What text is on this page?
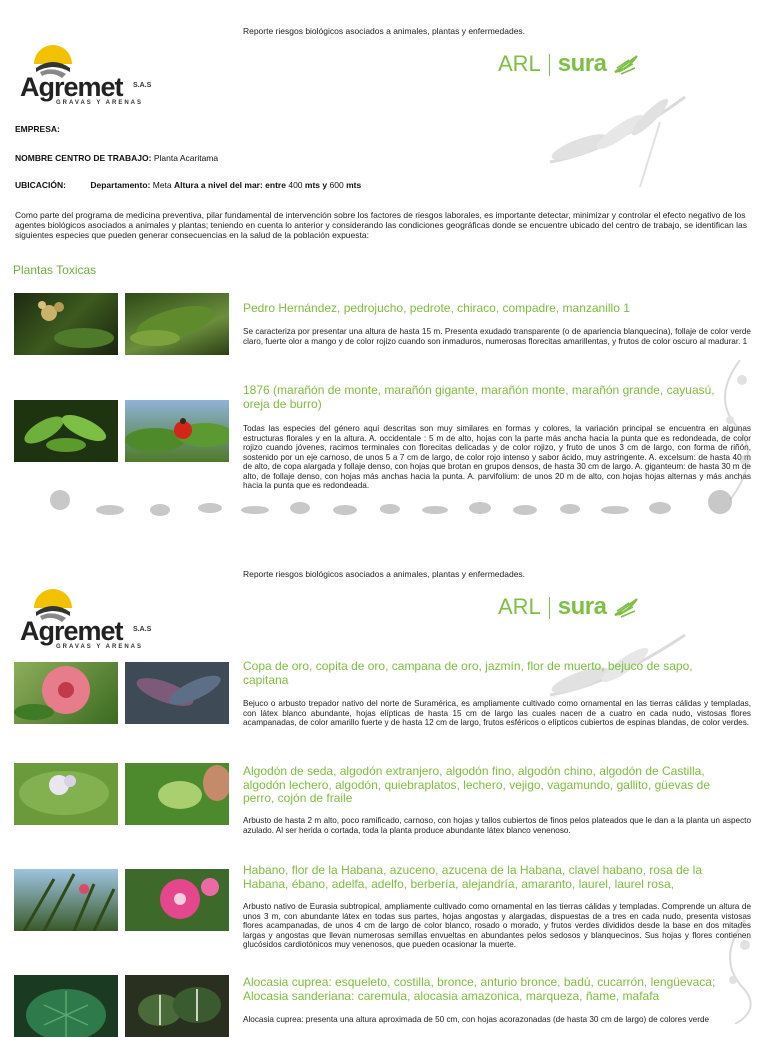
Reporte riesgos biológicos asociados a animales, plantas y enfermedades.
Agremet S.A.S
GRAVAS Y ARENAS
ARL sura
EMPRESA:
NOMBRE CENTRO DE TRABAJO: Planta Acaritama
UBICACIÓN:	Departamento: Meta Altura a nivel del mar: entre 400 mts y 600 mts
Como parte del programa de medicina preventiva, pilar fundamental de intervención sobre los factores de riesgos laborales, es importante detectar, minimizar y controlar el efecto negativo de los agentes biológicos asociados a animales y plantas; teniendo en cuenta lo anterior y considerando las condiciones geográficas donde se encuentre ubicado del centro de trabajo, se identifican las siguientes especies que pueden generar consecuencias en la salud de la población expuesta:
Plantas Toxicas
Pedro Hernández, pedrojucho, pedrote, chiraco, compadre, manzanillo 1
Se caracteriza por presentar una altura de hasta 15 m. Presenta exudado transparente (o de apariencia blanquecina), follaje de color verde claro, fuerte olor a mango y de color rojizo cuando son inmaduros, numerosas florecitas amarillentas, y frutos de color oscuro al madurar. 1
1876 (marañón de monte, marañón gigante, marañón monte, marañón grande, cayuasú, oreja de burro)
Todas las especies del género aquí descritas son muy similares en formas y colores, la variación principal se encuentra en algunas estructuras florales y en la altura. A. occidentale : 5 m de alto, hojas con la parte más ancha hacia la punta que es redondeada, de color rojizo cuando jóvenes, racimos terminales con florecitas delicadas y de color rojizo, y fruto de unos 3 cm de largo, con forma de riñón, sostenido por un eje carnoso, de unos 5 a 7 cm de largo, de color rojo intenso y sabor ácido, muy astringente. A. excelsum: de hasta 40 m de alto, de copa alargada y follaje denso, con hojas que brotan en grupos densos, de hasta 30 cm de largo. A. giganteum: de hasta 30 m de alto, de follaje denso, con hojas más anchas hacia la punta. A. parvifolium: de unos 20 m de alto, con hojas hojas alternas y más anchas hacia la punta que es redondeada.
Reporte riesgos biológicos asociados a animales, plantas y enfermedades.
Agremet S.A.S
GRAVAS Y ARENAS
ARL sura
Copa de oro, copita de oro, campana de oro, jazmín, flor de muerto, bejuco de sapo, capitana
Bejuco o arbusto trepador nativo del norte de Suramérica, es ampliamente cultivado como ornamental en las tierras cálidas y templadas, con látex blanco abundante, hojas elípticas de hasta 15 cm de largo las cuales nacen de a cuatro en cada nudo, vistosas flores acampanadas, de color amarillo fuerte y de hasta 12 cm de largo, frutos esféricos o elípticos cubiertos de espinas blandas, de color verdes.
Algodón de seda, algodón extranjero, algodón fino, algodón chino, algodón de Castilla, algodón lechero, algodón, quiebraplatos, lechero, vejigo, vagamundo, gallito, güevas de perro, cojón de fraile
Arbusto de hasta 2 m alto, poco ramificado, carnoso, con hojas y tallos cubiertos de finos pelos plateados que le dan a la planta un aspecto azulado. Al ser herida o cortada, toda la planta produce abundante látex blanco venenoso.
Habano, flor de la Habana, azuceno, azucena de la Habana, clavel habano, rosa de la Habana, ébano, adelfa, adelfo, berbería, alejandría, amaranto, laurel, laurel rosa,
Arbusto nativo de Eurasia subtropical, ampliamente cultivado como ornamental en las tierras cálidas y templadas. Comprende un altura de unos 3 m, con abundante látex en todas sus partes, hojas angostas y alargadas, dispuestas de a tres en cada nudo, presenta vistosas flores acampanadas, de unos 4 cm de largo de color blanco, rosado o morado, y frutos verdes divididos desde la base en dos mitades largas y angostas que llevan numerosas semillas envueltas en abundantes pelos sedosos y blanquecinos. Sus hojas y flores contienen glucósidos cardiotónicos muy venenosos, que pueden ocasionar la muerte.
Alocasia cuprea: esqueleto, costilla, bronce, anturio bronce, badú, cucarrón, lengüevaca; Alocasia sanderiana: caremula, alocasia amazonica, marqueza, ñame, mafafa
Alocasia cuprea: presenta una altura aproximada de 50 cm, con hojas acorazonadas (de hasta 30 cm de largo) de colores verde
